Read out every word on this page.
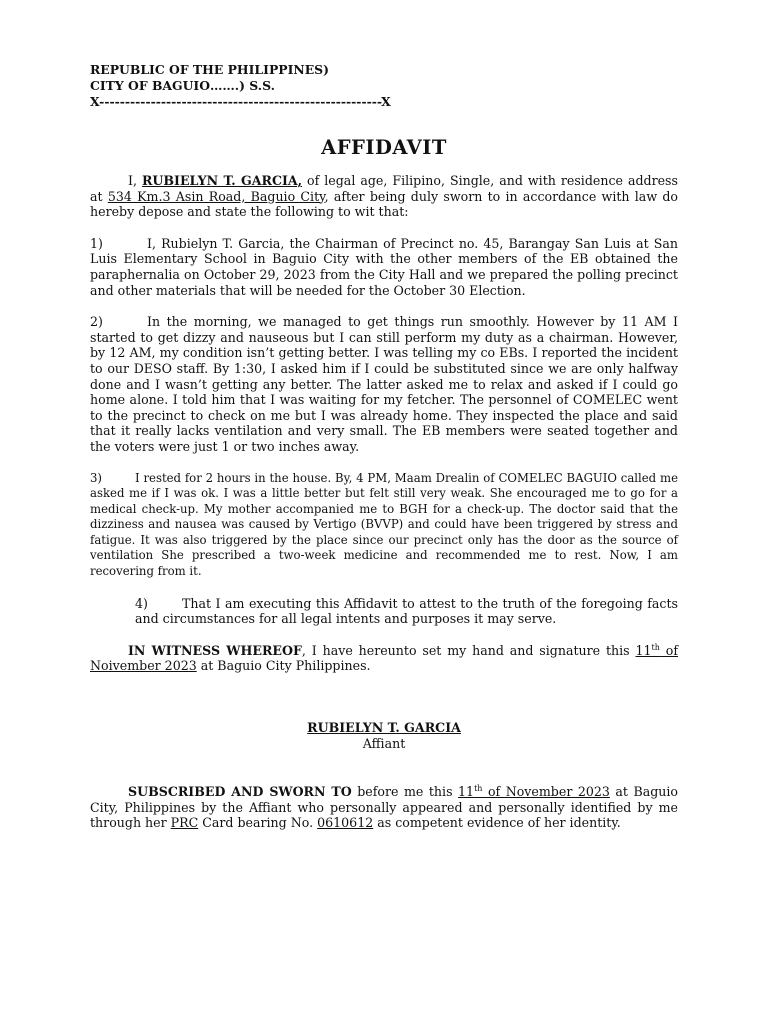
REPUBLIC OF THE PHILIPPINES)
CITY OF BAGUIO…….) S.S.
X-------------------------------------------------------X
AFFIDAVIT

I, RUBIELYN T. GARCIA, of legal age, Filipino, Single, and with residence address at 534 Km.3 Asin Road, Baguio City, after being duly sworn to in accordance with law do hereby depose and state the following to wit that:

1)	I, Rubielyn T. Garcia, the Chairman of Precinct no. 45, Barangay San Luis at San Luis Elementary School in Baguio City with the other members of the EB obtained the paraphernalia on October 29, 2023 from the City Hall and we prepared the polling precinct and other materials that will be needed for the October 30 Election.

2)	In the morning, we managed to get things run smoothly. However by 11 AM I started to get dizzy and nauseous but I can still perform my duty as a chairman. However, by 12 AM, my condition isn’t getting better. I was telling my co EBs. I reported the incident to our DESO staff. By 1:30, I asked him if I could be substituted since we are only halfway done and I wasn’t getting any better. The latter asked me to relax and asked if I could go home alone. I told him that I was waiting for my fetcher. The personnel of COMELEC went to the precinct to check on me but I was already home. They inspected the place and said that it really lacks ventilation and very small. The EB members were seated together and the voters were just 1 or two inches away.

3)	I rested for 2 hours in the house. By, 4 PM, Maam Drealin of COMELEC BAGUIO called me asked me if I was ok. I was a little better but felt still very weak. She encouraged me to go for a medical check-up. My mother accompanied me to BGH for a check-up. The doctor said that the dizziness and nausea was caused by Vertigo (BVVP) and could have been triggered by stress and fatigue. It was also triggered by the place since our precinct only has the door as the source of ventilation She prescribed a two-week medicine and recommended me to rest. Now, I am recovering from it.

4)	That I am executing this Affidavit to attest to the truth of the foregoing facts and circumstances for all legal intents and purposes it may serve.

IN WITNESS WHEREOF, I have hereunto set my hand and signature this 11th of Noivember 2023 at Baguio City Philippines.

RUBIELYN T. GARCIA
Affiant

SUBSCRIBED AND SWORN TO before me this 11th of November 2023 at Baguio City, Philippines by the Affiant who personally appeared and personally identified by me through her PRC Card bearing No. 0610612 as competent evidence of her identity.
